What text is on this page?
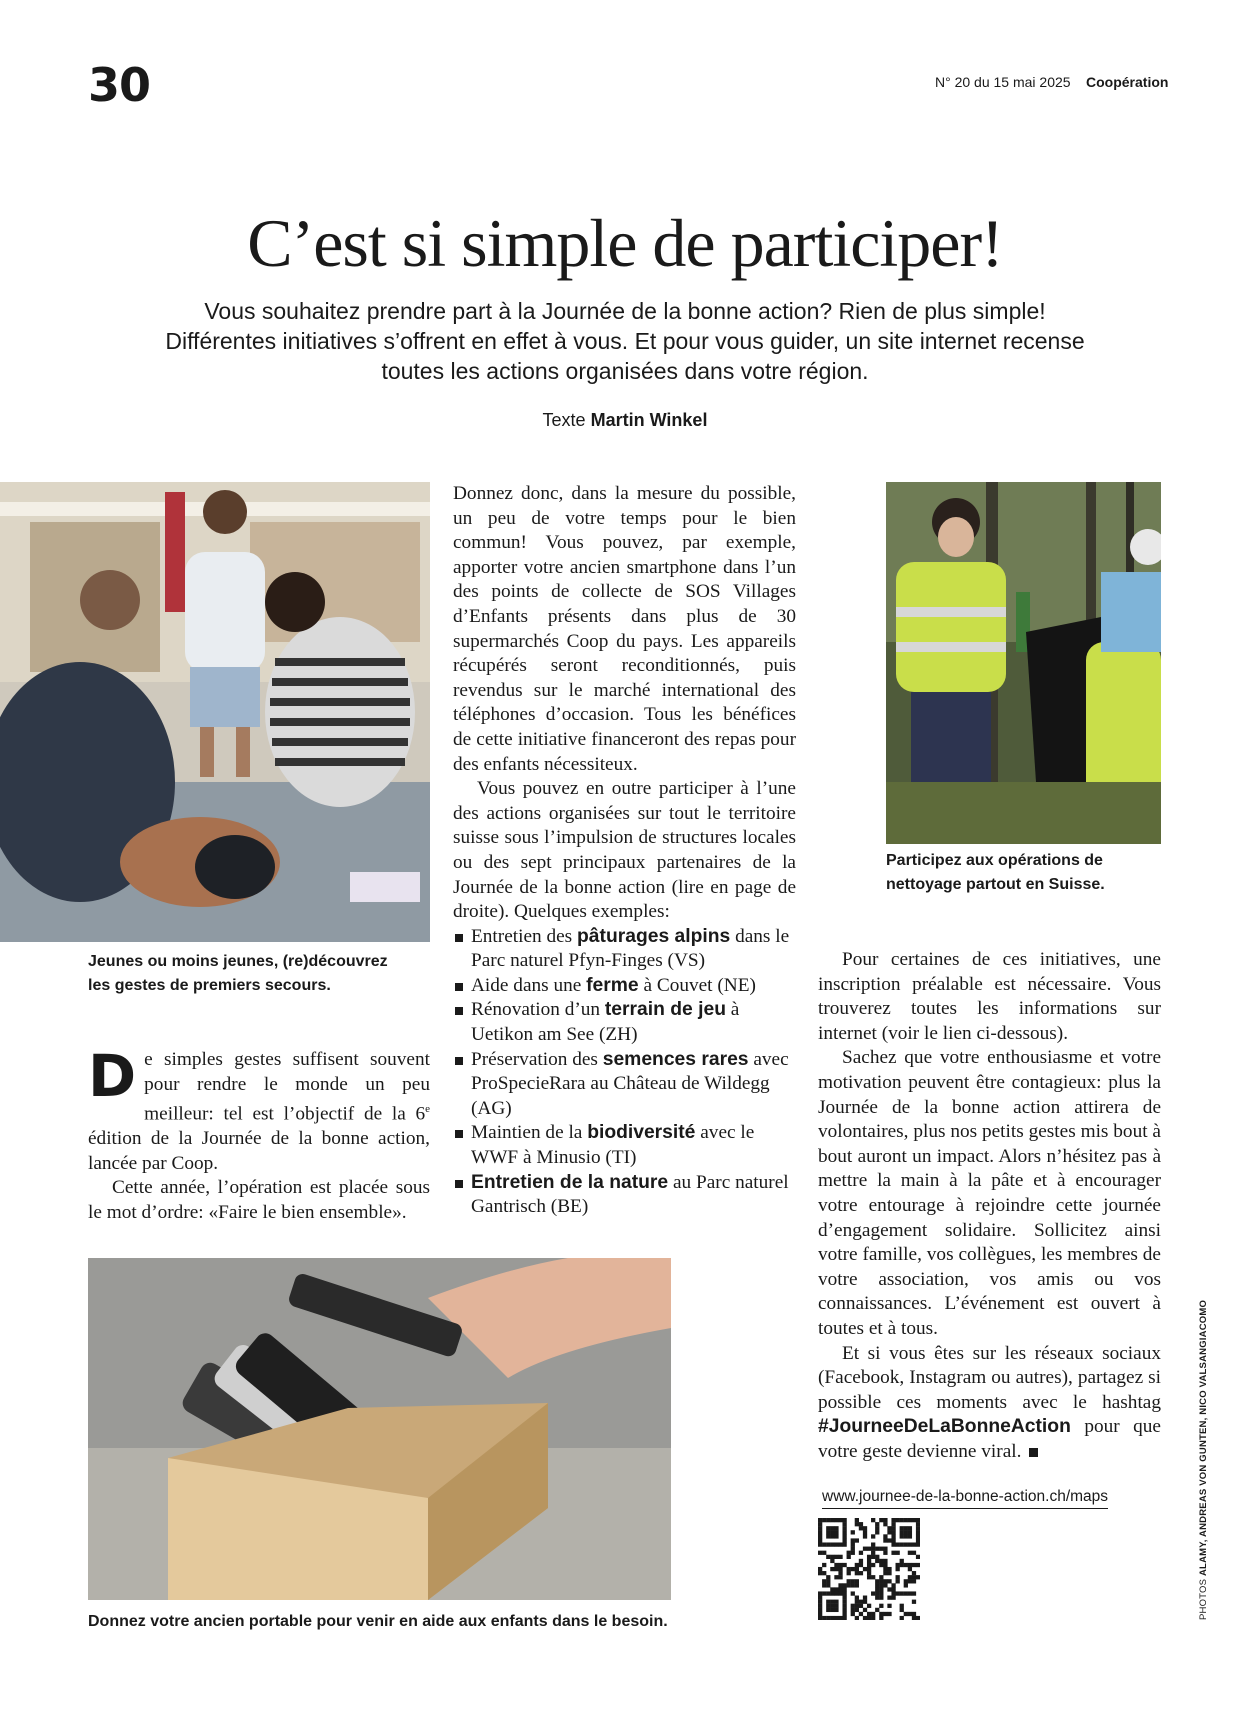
30	N° 20 du 15 mai 2025 Coopération
C’est si simple de participer!
Vous souhaitez prendre part à la Journée de la bonne action? Rien de plus simple! Différentes initiatives s’offrent en effet à vous. Et pour vous guider, un site internet recense toutes les actions organisées dans votre région.
Texte Martin Winkel
Jeunes ou moins jeunes, (re)découvrez les gestes de premiers secours.
Participez aux opérations de nettoyage partout en Suisse.
Donnez votre ancien portable pour venir en aide aux enfants dans le besoin.

De simples gestes suffisent souvent pour rendre le monde un peu meilleur: tel est l’objectif de la 6e édition de la Journée de la bonne action, lancée par Coop.

Cette année, l’opération est placée sous le mot d’ordre: «Faire le bien ensemble».

Donnez donc, dans la mesure du possible, un peu de votre temps pour le bien commun! Vous pouvez, par exemple, apporter votre ancien smartphone dans l’un des points de collecte de SOS Villages d’Enfants présents dans plus de 30 supermarchés Coop du pays. Les appareils récupérés seront reconditionnés, puis revendus sur le marché international des téléphones d’occasion. Tous les bénéfices de cette initiative financeront des repas pour des enfants nécessiteux.

Vous pouvez en outre participer à l’une des actions organisées sur tout le territoire suisse sous l’impulsion de structures locales ou des sept principaux partenaires de la Journée de la bonne action (lire en page de droite). Quelques exemples:

Entretien des pâturages alpins dans le Parc naturel Pfyn-Finges (VS)
Aide dans une ferme à Couvet (NE)
Rénovation d’un terrain de jeu à Uetikon am See (ZH)
Préservation des semences rares avec ProSpecieRara au Château de Wildegg (AG)
Maintien de la biodiversité avec le WWF à Minusio (TI)
Entretien de la nature au Parc naturel Gantrisch (BE)

Pour certaines de ces initiatives, une inscription préalable est nécessaire. Vous trouverez toutes les informations sur internet (voir le lien ci-dessous).

Sachez que votre enthousiasme et votre motivation peuvent être contagieux: plus la Journée de la bonne action attirera de volontaires, plus nos petits gestes mis bout à bout auront un impact. Alors n’hésitez pas à mettre la main à la pâte et à encourager votre entourage à rejoindre cette journée d’engagement solidaire. Sollicitez ainsi votre famille, vos collègues, les membres de votre association, vos amis ou vos connaissances. L’événement est ouvert à toutes et à tous.

Et si vous êtes sur les réseaux sociaux (Facebook, Instagram ou autres), partagez si possible ces moments avec le hashtag #JourneeDeLaBonneAction pour que votre geste devienne viral.

www.journee-de-la-bonne-action.ch/maps
PHOTOS ALAMY, ANDREAS VON GUNTEN, NICO VALSANGIACOMO
